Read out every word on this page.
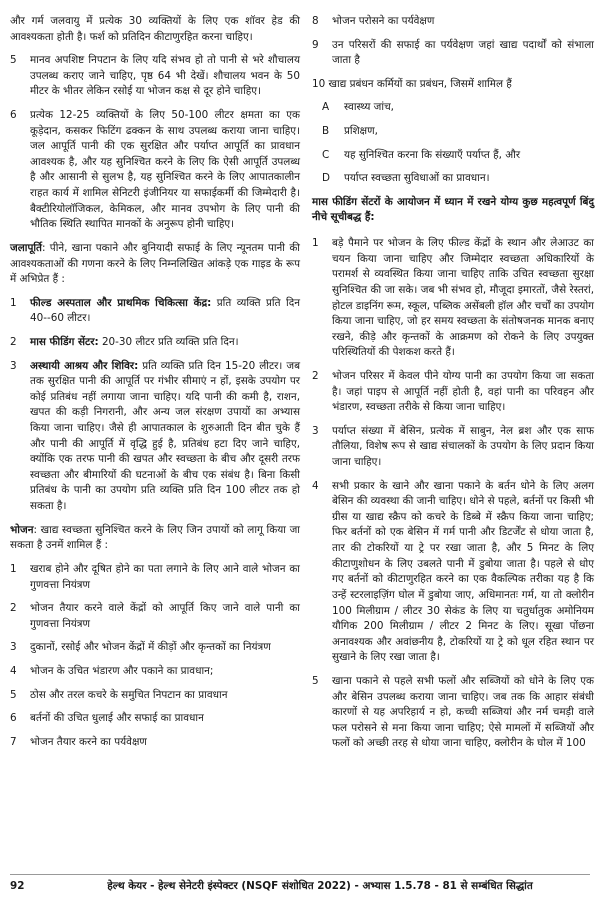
और गर्म जलवायु में प्रत्येक 30 व्यक्तियों के लिए एक शॉवर हेड की आवश्यकता होती है। फर्श को प्रतिदिन कीटाणुरहित करना चाहिए।

5	मानव अपशिष्ट निपटान के लिए यदि संभव हो तो पानी से भरे शौचालय उपलब्ध कराए जाने चाहिए, पृष्ठ 64 भी देखें। शौचालय भवन के 50 मीटर के भीतर लेकिन रसोई या भोजन कक्ष से दूर होने चाहिए।
6	प्रत्येक 12-25 व्यक्तियों के लिए 50-100 लीटर क्षमता का एक कूड़ेदान, कसकर फिटिंग ढक्कन के साथ उपलब्ध कराया जाना चाहिए। जल आपूर्ति पानी की एक सुरक्षित और पर्याप्त आपूर्ति का प्रावधान आवश्यक है, और यह सुनिश्चित करने के लिए कि ऐसी आपूर्ति उपलब्ध है और आसानी से सुलभ है, यह सुनिश्चित करने के लिए आपातकालीन राहत कार्य में शामिल सेनिटरी इंजीनियर या सफाईकर्मी की जिम्मेदारी है। बैक्टीरियोलॉजिकल, केमिकल, और मानव उपभोग के लिए पानी की भौतिक स्थिति स्थापित मानकों के अनुरूप होनी चाहिए।

जलापूर्ति: पीने, खाना पकाने और बुनियादी सफाई के लिए न्यूनतम पानी की आवश्यकताओं की गणना करने के लिए निम्नलिखित आंकड़े एक गाइड के रूप में अभिप्रेत हैं :

1	फील्ड अस्पताल और प्राथमिक चिकित्सा केंद्र: प्रति व्यक्ति प्रति दिन 40--60 लीटर।
2	मास फीडिंग सेंटर: 20-30 लीटर प्रति व्यक्ति प्रति दिन।
3	अस्थायी आश्रय और शिविर: प्रति व्यक्ति प्रति दिन 15-20 लीटर। जब तक सुरक्षित पानी की आपूर्ति पर गंभीर सीमाएं न हों, इसके उपयोग पर कोई प्रतिबंध नहीं लगाया जाना चाहिए। यदि पानी की कमी है, राशन, खपत की कड़ी निगरानी, और अन्य जल संरक्षण उपायों का अभ्यास किया जाना चाहिए। जैसे ही आपातकाल के शुरुआती दिन बीत चुके हैं और पानी की आपूर्ति में वृद्धि हुई है, प्रतिबंध हटा दिए जाने चाहिए, क्योंकि एक तरफ पानी की खपत और स्वच्छता के बीच और दूसरी तरफ स्वच्छता और बीमारियों की घटनाओं के बीच एक संबंध है। बिना किसी प्रतिबंध के पानी का उपयोग प्रति व्यक्ति प्रति दिन 100 लीटर तक हो सकता है।

भोजन: खाद्य स्वच्छता सुनिश्चित करने के लिए जिन उपायों को लागू किया जा सकता है उनमें शामिल हैं :

1	खराब होने और दूषित होने का पता लगाने के लिए आने वाले भोजन का गुणवत्ता नियंत्रण
2	भोजन तैयार करने वाले केंद्रों को आपूर्ति किए जाने वाले पानी का गुणवत्ता नियंत्रण
3	दुकानों, रसोई और भोजन केंद्रों में कीड़ों और कृन्तकों का नियंत्रण
4	भोजन के उचित भंडारण और पकाने का प्रावधान;
5	ठोस और तरल कचरे के समुचित निपटान का प्रावधान
6	बर्तनों की उचित धुलाई और सफाई का प्रावधान
7	भोजन तैयार करने का पर्यवेक्षण
8	भोजन परोसने का पर्यवेक्षण
9	उन परिसरों की सफाई का पर्यवेक्षण जहां खाद्य पदार्थों को संभाला जाता है

10 खाद्य प्रबंधन कर्मियों का प्रबंधन, जिसमें शामिल हैं

A	स्वास्थ्य जांच,
B	प्रशिक्षण,
C	यह सुनिश्चित करना कि संख्याएँ पर्याप्त हैं, और
D	पर्याप्त स्वच्छता सुविधाओं का प्रावधान।

मास फीडिंग सेंटरों के आयोजन में ध्यान में रखने योग्य कुछ महत्वपूर्ण बिंदु नीचे सूचीबद्ध हैं:

1	बड़े पैमाने पर भोजन के लिए फील्ड केंद्रों के स्थान और लेआउट का चयन किया जाना चाहिए और जिम्मेदार स्वच्छता अधिकारियों के परामर्श से व्यवस्थित किया जाना चाहिए ताकि उचित स्वच्छता सुरक्षा सुनिश्चित की जा सके। जब भी संभव हो, मौजूदा इमारतों, जैसे रेस्तरां, होटल डाइनिंग रूम, स्कूल, पब्लिक असेंबली हॉल और चर्चों का उपयोग किया जाना चाहिए, जो हर समय स्वच्छता के संतोषजनक मानक बनाए रखने, कीड़े और कृन्तकों के आक्रमण को रोकने के लिए उपयुक्त परिस्थितियों की पेशकश करते हैं।
2	भोजन परिसर में केवल पीने योग्य पानी का उपयोग किया जा सकता है। जहां पाइप से आपूर्ति नहीं होती है, वहां पानी का परिवहन और भंडारण, स्वच्छता तरीके से किया जाना चाहिए।
3	पर्याप्त संख्या में बेसिन, प्रत्येक में साबुन, नेल ब्रश और एक साफ तौलिया, विशेष रूप से खाद्य संचालकों के उपयोग के लिए प्रदान किया जाना चाहिए।
4	सभी प्रकार के खाने और खाना पकाने के बर्तन धोने के लिए अलग बेसिन की व्यवस्था की जानी चाहिए। धोने से पहले, बर्तनों पर किसी भी ग्रीस या खाद्य स्क्रैप को कचरे के डिब्बे में स्क्रैप किया जाना चाहिए; फिर बर्तनों को एक बेसिन में गर्म पानी और डिटर्जेंट से धोया जाता है, तार की टोकरियों या ट्रे पर रखा जाता है, और 5 मिनट के लिए कीटाणुशोधन के लिए उबलते पानी में डुबोया जाता है। पहले से धोए गए बर्तनों को कीटाणुरहित करने का एक वैकल्पिक तरीका यह है कि उन्हें स्टरलाइज़िंग घोल में डुबोया जाए, अधिमानतः गर्म, या तो क्लोरीन 100 मिलीग्राम / लीटर 30 सेकंड के लिए या चतुर्धातुक अमोनियम यौगिक 200 मिलीग्राम / लीटर 2 मिनट के लिए। सूखा पोंछना अनावश्यक और अवांछनीय है, टोकरियों या ट्रे को धूल रहित स्थान पर सुखाने के लिए रखा जाता है।
5	खाना पकाने से पहले सभी फलों और सब्जियों को धोने के लिए एक और बेसिन उपलब्ध कराया जाना चाहिए। जब तक कि आहार संबंधी कारणों से यह अपरिहार्य न हो, कच्ची सब्जियां और नर्म चमड़ी वाले फल परोसने से मना किया जाना चाहिए; ऐसे मामलों में सब्जियों और फलों को अच्छी तरह से धोया जाना चाहिए, क्लोरीन के घोल में 100
92	हेल्थ केयर - हेल्थ सेनेटरी इंस्पेक्टर (NSQF संशोधित 2022) - अभ्यास 1.5.78 - 81 से सम्बंधित सिद्धांत
